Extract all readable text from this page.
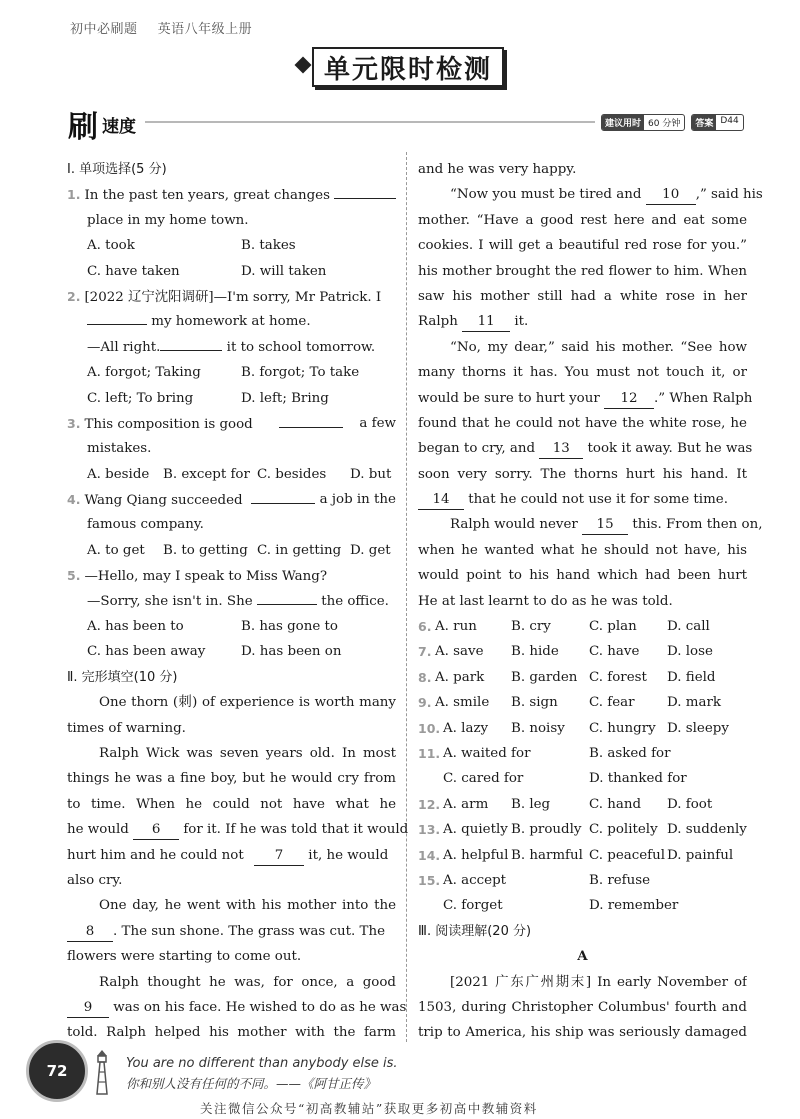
初中必刷题 英语八年级上册
单元限时检测
刷 速度	建议用时 60 分钟	答案 D44
Ⅰ. 单项选择(5 分)
1. In the past ten years, great changes
place in my home town.
A. took	B. takes
C. have taken	D. will taken
2. [2022 辽宁沈阳调研]—I'm sorry, Mr Patrick. I
my homework at home.
—All right.	it to school tomorrow.
A. forgot; Taking	B. forgot; To take
C. left; To bring	D. left; Bring
3. This composition is good	a few
mistakes.
A. beside B. except for C. besides D. but
4. Wang Qiang succeeded	a job in the
famous company.
A. to get B. to getting C. in getting D. get
5. —Hello, may I speak to Miss Wang?
—Sorry, she isn't in. She	the office.
A. has been to	B. has gone to
C. has been away	D. has been on
Ⅱ. 完形填空(10 分)
One thorn (刺) of experience is worth many
times of warning.
Ralph Wick was seven years old. In most
things he was a fine boy, but he would cry from
to time. When he could not have what he
he would 6 for it. If he was told that it would
hurt him and he could not 7 it, he would
also cry.
One day, he went with his mother into the
8 . The sun shone. The grass was cut. The
flowers were starting to come out.
Ralph thought he was, for once, a good
9 was on his face. He wished to do as he was
told. Ralph helped his mother with the farm
and he was very happy.
“Now you must be tired and 10 ,” said his
mother. “Have a good rest here and eat some
cookies. I will get a beautiful red rose for you.”
his mother brought the red flower to him. When
saw his mother still had a white rose in her
Ralph 11 it.
“No, my dear,” said his mother. “See how
many thorns it has. You must not touch it, or
would be sure to hurt your 12 .” When Ralph
found that he could not have the white rose, he
began to cry, and 13 took it away. But he was
soon very sorry. The thorns hurt his hand. It
14 that he could not use it for some time.
Ralph would never 15 this. From then on,
when he wanted what he should not have, his
would point to his hand which had been hurt
He at last learnt to do as he was told.
6. A. run	B. cry	C. plan D. call
7. A. save B. hide C. have D. lose
8. A. park B. garden C. forest D. field
9. A. smile B. sign C. fear D. mark
10. A. lazy B. noisy C. hungry D. sleepy
11. A. waited for	B. asked for
C. cared for	D. thanked for
12. A. arm B. leg	C. hand D. foot
13. A. quietly B. proudly C. politely D. suddenly
14. A. helpful B. harmful C. peaceful D. painful
15. A. accept	B. refuse
C. forget	D. remember
Ⅲ. 阅读理解(20 分)
A
[2021 广东广州期末] In early November of
1503, during Christopher Columbus' fourth and
trip to America, his ship was seriously damaged
72	You are no different than anybody else is.
你和别人没有任何的不同。——《阿甘正传》
关注微信公众号“初高教辅站”获取更多初高中教辅资料
